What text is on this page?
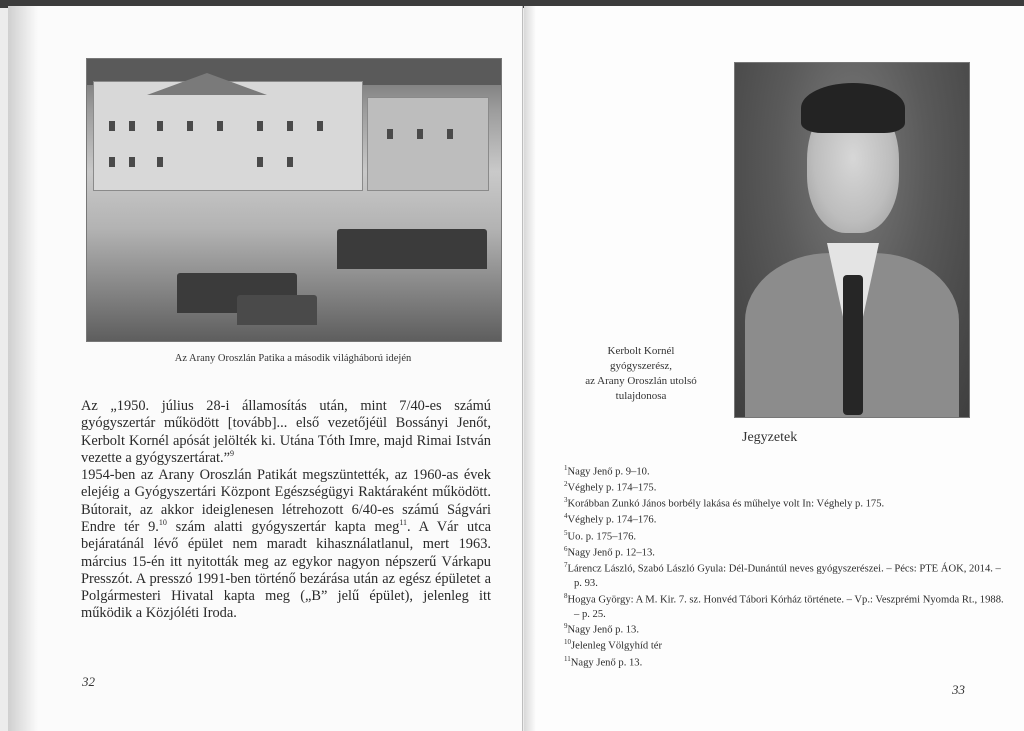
Az Arany Oroszlán Patika a második világháború idején

Az „1950. július 28-i államosítás után, mint 7/40-es számú gyógyszertár működött [tovább]... első vezetőjéül Bossányi Jenőt, Kerbolt Kornél apósát jelölték ki. Utána Tóth Imre, majd Rimai István vezette a gyógyszertárat.”$^9$

1954-ben az Arany Oroszlán Patikát megszüntették, az 1960-as évek elejéig a Gyógyszertári Központ Egészségügyi Raktáraként működött. Bútorait, az akkor ideiglenesen létrehozott 6/40-es számú Ságvári Endre tér 9.10 szám alatti gyógyszertár kapta meg$^{11}$. A Vár utca bejáratánál lévő épület nem maradt kihasználatlanul, mert 1963. március 15-én itt nyitották meg az egykor nagyon népszerű Várkapu Presszót. A presszó 1991-ben történő bezárása után az egész épületet a Polgármesteri Hivatal kapta meg („B” jelű épület), jelenleg itt működik a Közjóléti Iroda.

32
Kerbolt Kornél
gyógyszerész,
az Arany Oroszlán utolsó
tulajdonosa
Jegyzetek
$^1$Nagy Jenő p. 9–10.
$^2$Véghely p. 174–175.
$^3$Korábban Zunkó János borbély lakása és műhelye volt In: Véghely p. 175.
$^4$Véghely p. 174–176.
$^5$Uo. p. 175–176.
$^6$Nagy Jenő p. 12–13.
$^7$Lárencz László, Szabó László Gyula: Dél-Dunántúl neves gyógyszerészei. – Pécs: PTE ÁOK, 2014. – p. 93.
$^8$Hogya György: A M. Kir. 7. sz. Honvéd Tábori Kórház története. – Vp.: Veszprémi Nyomda Rt., 1988. – p. 25.
$^9$Nagy Jenő p. 13.
$^{10}$Jelenleg Völgyhíd tér
$^{11}$Nagy Jenő p. 13.
33
